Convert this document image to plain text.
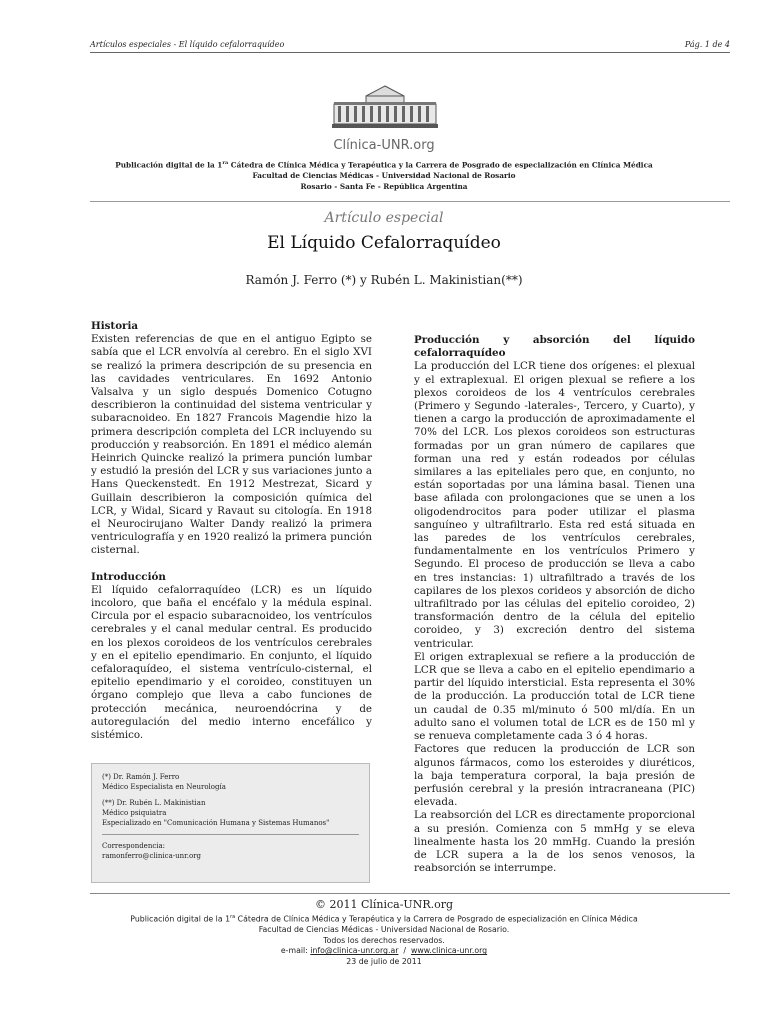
Artículos especiales - El líquido cefalorraquídeo	Pág. 1 de 4
Clínica-UNR.org
Publicación digital de la $1^{ra}$ Cátedra de Clínica Médica y Terapéutica y la Carrera de Posgrado de especialización en Clínica Médica
Facultad de Ciencias Médicas - Universidad Nacional de Rosario
Rosario - Santa Fe - República Argentina
Artículo especial
El Líquido Cefalorraquídeo
Ramón J. Ferro (*) y Rubén L. Makinistian(**)
Historia

Existen referencias de que en el antiguo Egipto se sabía que el LCR envolvía al cerebro. En el siglo XVI se realizó la primera descripción de su presencia en las cavidades ventriculares. En 1692 Antonio Valsalva y un siglo después Domenico Cotugno describieron la continuidad del sistema ventricular y subaracnoideo. En 1827 Francois Magendie hizo la primera descripción completa del LCR incluyendo su producción y reabsorción. En 1891 el médico alemán Heinrich Quincke realizó la primera punción lumbar y estudió la presión del LCR y sus variaciones junto a Hans Queckenstedt. En 1912 Mestrezat, Sicard y Guillain describieron la composición química del LCR, y Widal, Sicard y Ravaut su citología. En 1918 el Neurocirujano Walter Dandy realizó la primera ventriculografía y en 1920 realizó la primera punción cisternal.

Introducción

El líquido cefalorraquídeo (LCR) es un líquido incoloro, que baña el encéfalo y la médula espinal. Circula por el espacio subaracnoideo, los ventrículos cerebrales y el canal medular central. Es producido en los plexos coroideos de los ventrículos cerebrales y en el epitelio ependimario. En conjunto, el líquido cefaloraquídeo, el sistema ventrículo-cisternal, el epitelio ependimario y el coroideo, constituyen un órgano complejo que lleva a cabo funciones de protección mecánica, neuroendócrina y de autoregulación del medio interno encefálico y sistémico.

(*) Dr. Ramón J. Ferro
Médico Especialista en Neurología
(**) Dr. Rubén L. Makinistian
Médico psiquiatra
Especializado en "Comunicación Humana y Sistemas Humanos"
Correspondencia:
ramonferro@clinica-unr.org
Producción y absorción del líquido cefalorraquídeo

La producción del LCR tiene dos orígenes: el plexual y el extraplexual. El origen plexual se refiere a los plexos coroideos de los 4 ventrículos cerebrales (Primero y Segundo -laterales-, Tercero, y Cuarto), y tienen a cargo la producción de aproximadamente el 70% del LCR. Los plexos coroideos son estructuras formadas por un gran número de capilares que forman una red y están rodeados por células similares a las epiteliales pero que, en conjunto, no están soportadas por una lámina basal. Tienen una base afilada con prolongaciones que se unen a los oligodendrocitos para poder utilizar el plasma sanguíneo y ultrafiltrarlo. Esta red está situada en las paredes de los ventrículos cerebrales, fundamentalmente en los ventrículos Primero y Segundo. El proceso de producción se lleva a cabo en tres instancias: 1) ultrafiltrado a través de los capilares de los plexos corideos y absorción de dicho ultrafiltrado por las células del epitelio coroideo, 2) transformación dentro de la célula del epitelio coroideo, y 3) excreción dentro del sistema ventricular.

El origen extraplexual se refiere a la producción de LCR que se lleva a cabo en el epitelio ependimario a partir del líquido intersticial. Esta representa el 30% de la producción. La producción total de LCR tiene un caudal de 0.35 ml/minuto ó 500 ml/día. En un adulto sano el volumen total de LCR es de 150 ml y se renueva completamente cada 3 ó 4 horas.

Factores que reducen la producción de LCR son algunos fármacos, como los esteroides y diuréticos, la baja temperatura corporal, la baja presión de perfusión cerebral y la presión intracraneana (PIC) elevada.

La reabsorción del LCR es directamente proporcional a su presión. Comienza con 5 mmHg y se eleva linealmente hasta los 20 mmHg. Cuando la presión de LCR supera a la de los senos venosos, la reabsorción se interrumpe.

© 2011 Clínica-UNR.org
Publicación digital de la $1^{ra}$ Cátedra de Clínica Médica y Terapéutica y la Carrera de Posgrado de especialización en Clínica Médica
Facultad de Ciencias Médicas - Universidad Nacional de Rosario.
Todos los derechos reservados.
e-mail: info@clinica-unr.org.ar  /  www.clinica-unr.org
23 de julio de 2011
